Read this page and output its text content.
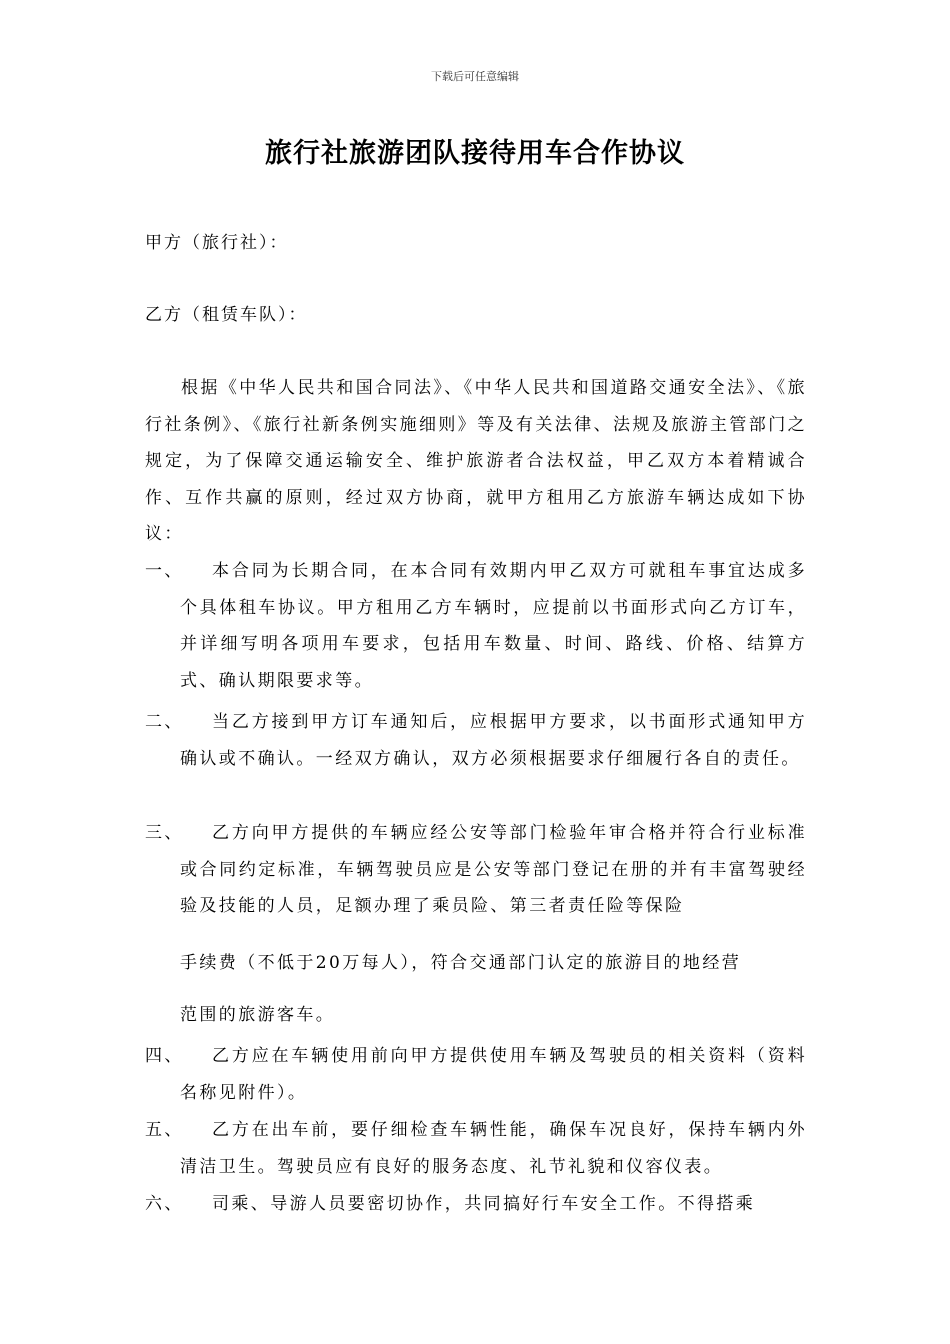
下载后可任意编辑
旅行社旅游团队接待用车合作协议
甲方（旅行社）：
乙方（租赁车队）：
根据《中华人民共和国合同法》、《中华人民共和国道路交通安全法》、《旅行社条例》、《旅行社新条例实施细则》等及有关法律、法规及旅游主管部门之规定，为了保障交通运输安全、维护旅游者合法权益，甲乙双方本着精诚合作、互作共赢的原则，经过双方协商，就甲方租用乙方旅游车辆达成如下协议：
一、	本合同为长期合同，在本合同有效期内甲乙双方可就租车事宜达成多个具体租车协议。甲方租用乙方车辆时，应提前以书面形式向乙方订车，并详细写明各项用车要求，包括用车数量、时间、路线、价格、结算方式、确认期限要求等。
二、	当乙方接到甲方订车通知后，应根据甲方要求，以书面形式通知甲方确认或不确认。一经双方确认，双方必须根据要求仔细履行各自的责任。
三、	乙方向甲方提供的车辆应经公安等部门检验年审合格并符合行业标准或合同约定标准，车辆驾驶员应是公安等部门登记在册的并有丰富驾驶经验及技能的人员，足额办理了乘员险、第三者责任险等保险
手续费（不低于20万每人），符合交通部门认定的旅游目的地经营
范围的旅游客车。
四、	乙方应在车辆使用前向甲方提供使用车辆及驾驶员的相关资料（资料名称见附件）。
五、	乙方在出车前，要仔细检查车辆性能，确保车况良好，保持车辆内外清洁卫生。驾驶员应有良好的服务态度、礼节礼貌和仪容仪表。
六、	司乘、导游人员要密切协作，共同搞好行车安全工作。不得搭乘
